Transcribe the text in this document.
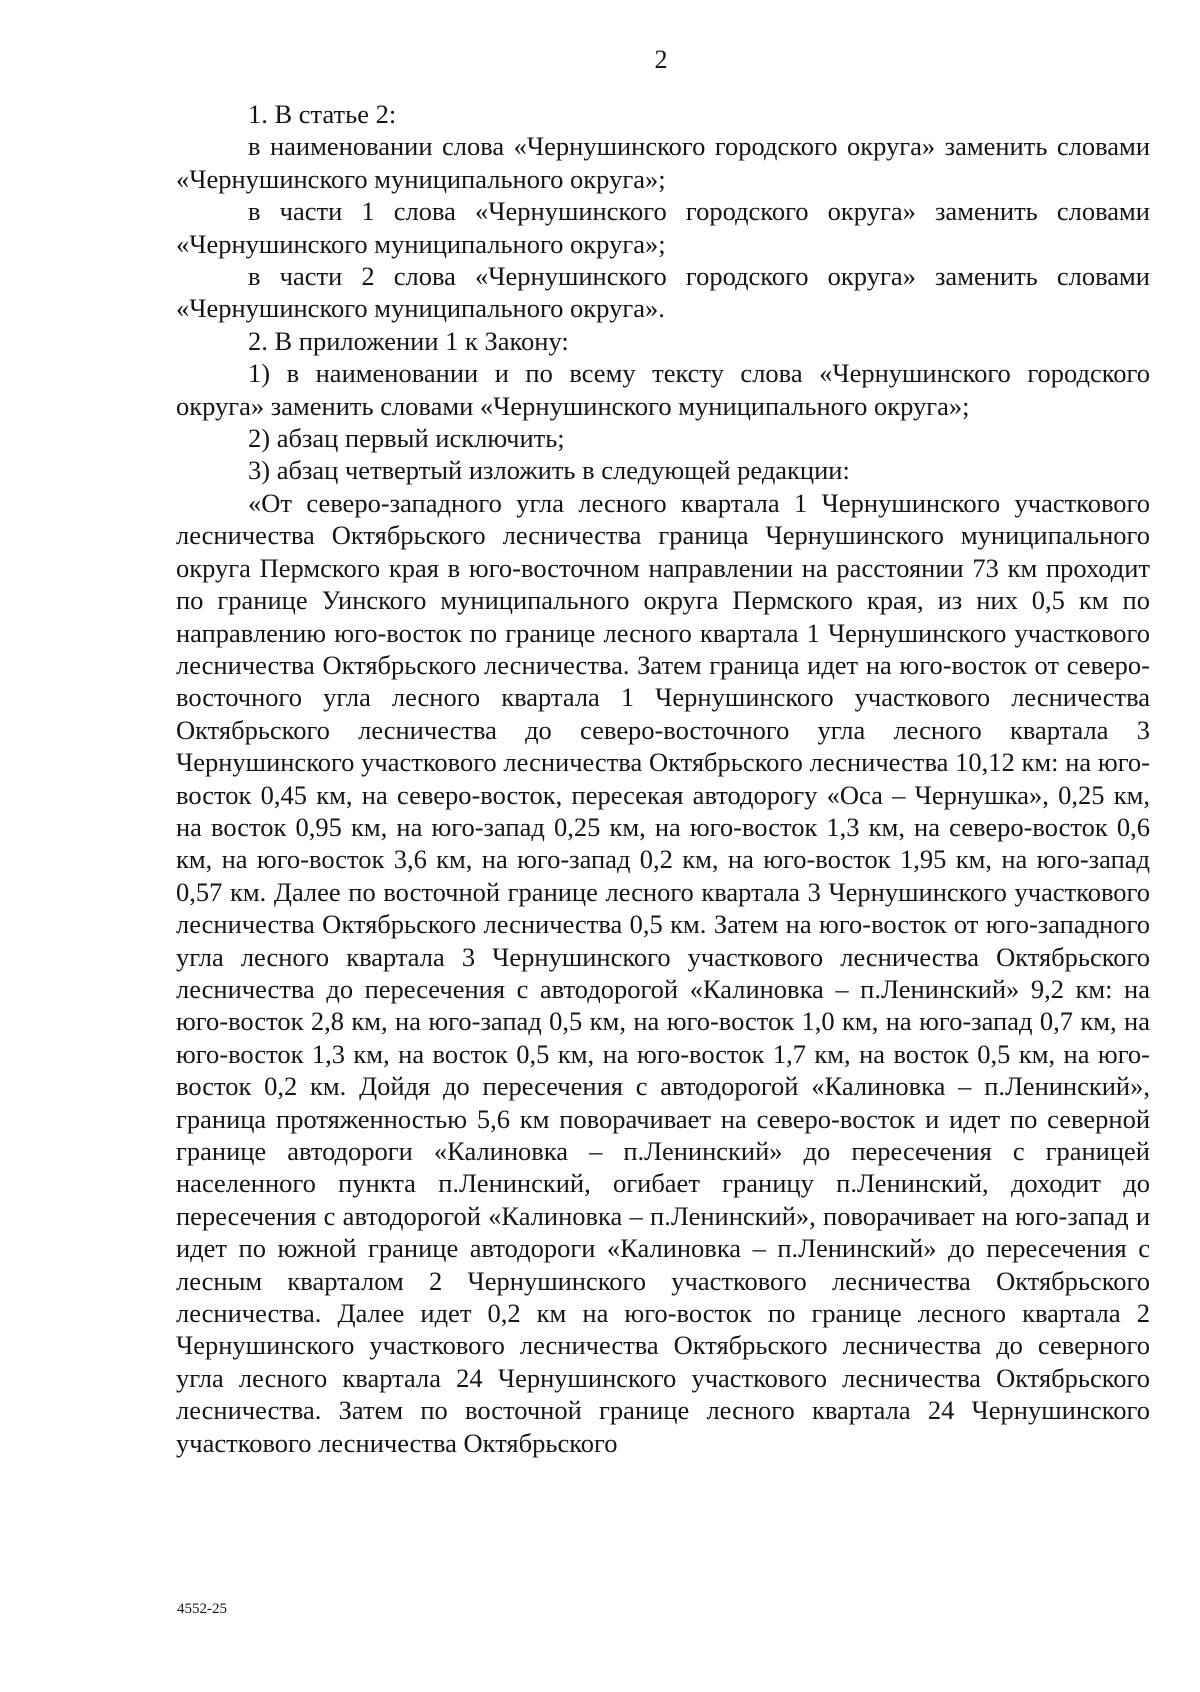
2

1. В статье 2:

в наименовании слова «Чернушинского городского округа» заменить словами «Чернушинского муниципального округа»;

в части 1 слова «Чернушинского городского округа» заменить словами «Чернушинского муниципального округа»;

в части 2 слова «Чернушинского городского округа» заменить словами «Чернушинского муниципального округа».

2. В приложении 1 к Закону:

1) в наименовании и по всему тексту слова «Чернушинского городского округа» заменить словами «Чернушинского муниципального округа»;

2) абзац первый исключить;

3) абзац четвертый изложить в следующей редакции:

«От северо-западного угла лесного квартала 1 Чернушинского участкового лесничества Октябрьского лесничества граница Чернушинского муниципального округа Пермского края в юго-восточном направлении на расстоянии 73 км проходит по границе Уинского муниципального округа Пермского края, из них 0,5 км по направлению юго-восток по границе лесного квартала 1 Чернушинского участкового лесничества Октябрьского лесничества. Затем граница идет на юго-восток от северо-восточного угла лесного квартала 1 Чернушинского участкового лесничества Октябрьского лесничества до северо-восточного угла лесного квартала 3 Чернушинского участкового лесничества Октябрьского лесничества 10,12 км: на юго-восток 0,45 км, на северо-восток, пересекая автодорогу «Оса – Чернушка», 0,25 км, на восток 0,95 км, на юго-запад 0,25 км, на юго-восток 1,3 км, на северо-восток 0,6 км, на юго-восток 3,6 км, на юго-запад 0,2 км, на юго-восток 1,95 км, на юго-запад 0,57 км. Далее по восточной границе лесного квартала 3 Чернушинского участкового лесничества Октябрьского лесничества 0,5 км. Затем на юго-восток от юго-западного угла лесного квартала 3 Чернушинского участкового лесничества Октябрьского лесничества до пересечения с автодорогой «Калиновка – п.Ленинский» 9,2 км: на юго-восток 2,8 км, на юго-запад 0,5 км, на юго-восток 1,0 км, на юго-запад 0,7 км, на юго-восток 1,3 км, на восток 0,5 км, на юго-восток 1,7 км, на восток 0,5 км, на юго-восток 0,2 км. Дойдя до пересечения с автодорогой «Калиновка – п.Ленинский», граница протяженностью 5,6 км поворачивает на северо-восток и идет по северной границе автодороги «Калиновка – п.Ленинский» до пересечения с границей населенного пункта п.Ленинский, огибает границу п.Ленинский, доходит до пересечения с автодорогой «Калиновка – п.Ленинский», поворачивает на юго-запад и идет по южной границе автодороги «Калиновка – п.Ленинский» до пересечения с лесным кварталом 2 Чернушинского участкового лесничества Октябрьского лесничества. Далее идет 0,2 км на юго-восток по границе лесного квартала 2 Чернушинского участкового лесничества Октябрьского лесничества до северного угла лесного квартала 24 Чернушинского участкового лесничества Октябрьского лесничества. Затем по восточной границе лесного квартала 24 Чернушинского участкового лесничества Октябрьского

4552-25
